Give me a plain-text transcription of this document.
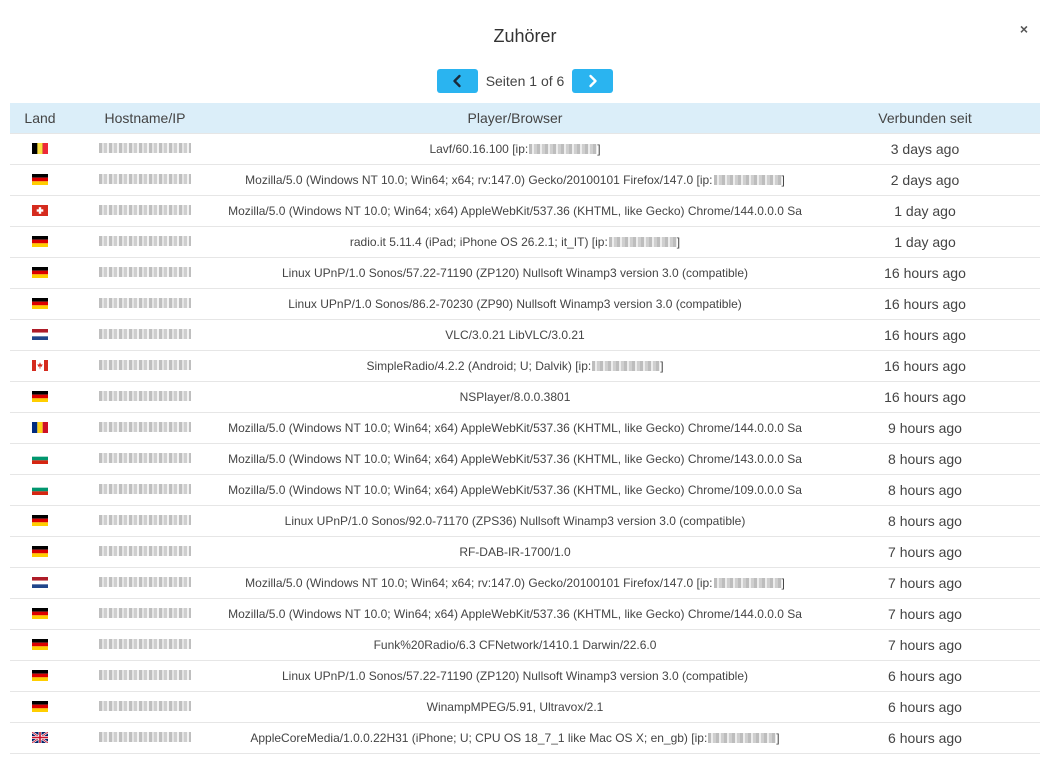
Zuhörer	×
Seiten 1 of 6
Land	Hostname/IP	Player/Browser	Verbunden seit
		Lavf/60.16.100 [ip: ]	3 days ago
		Mozilla/5.0 (Windows NT 10.0; Win64; x64; rv:147.0) Gecko/20100101 Firefox/147.0 [ip: ]	2 days ago
		Mozilla/5.0 (Windows NT 10.0; Win64; x64) AppleWebKit/537.36 (KHTML, like Gecko) Chrome/144.0.0.0 Sa	1 day ago
		radio.it 5.11.4 (iPad; iPhone OS 26.2.1; it_IT) [ip: ]	1 day ago
		Linux UPnP/1.0 Sonos/57.22-71190 (ZP120) Nullsoft Winamp3 version 3.0 (compatible)	16 hours ago
		Linux UPnP/1.0 Sonos/86.2-70230 (ZP90) Nullsoft Winamp3 version 3.0 (compatible)	16 hours ago
		VLC/3.0.21 LibVLC/3.0.21	16 hours ago
		SimpleRadio/4.2.2 (Android; U; Dalvik) [ip: ]	16 hours ago
		NSPlayer/8.0.0.3801	16 hours ago
		Mozilla/5.0 (Windows NT 10.0; Win64; x64) AppleWebKit/537.36 (KHTML, like Gecko) Chrome/144.0.0.0 Sa	9 hours ago
		Mozilla/5.0 (Windows NT 10.0; Win64; x64) AppleWebKit/537.36 (KHTML, like Gecko) Chrome/143.0.0.0 Sa	8 hours ago
		Mozilla/5.0 (Windows NT 10.0; Win64; x64) AppleWebKit/537.36 (KHTML, like Gecko) Chrome/109.0.0.0 Sa	8 hours ago
		Linux UPnP/1.0 Sonos/92.0-71170 (ZPS36) Nullsoft Winamp3 version 3.0 (compatible)	8 hours ago
		RF-DAB-IR-1700/1.0	7 hours ago
		Mozilla/5.0 (Windows NT 10.0; Win64; x64; rv:147.0) Gecko/20100101 Firefox/147.0 [ip: ]	7 hours ago
		Mozilla/5.0 (Windows NT 10.0; Win64; x64) AppleWebKit/537.36 (KHTML, like Gecko) Chrome/144.0.0.0 Sa	7 hours ago
		Funk%20Radio/6.3 CFNetwork/1410.1 Darwin/22.6.0	7 hours ago
		Linux UPnP/1.0 Sonos/57.22-71190 (ZP120) Nullsoft Winamp3 version 3.0 (compatible)	6 hours ago
		WinampMPEG/5.91, Ultravox/2.1	6 hours ago
		AppleCoreMedia/1.0.0.22H31 (iPhone; U; CPU OS 18_7_1 like Mac OS X; en_gb) [ip: ]	6 hours ago
